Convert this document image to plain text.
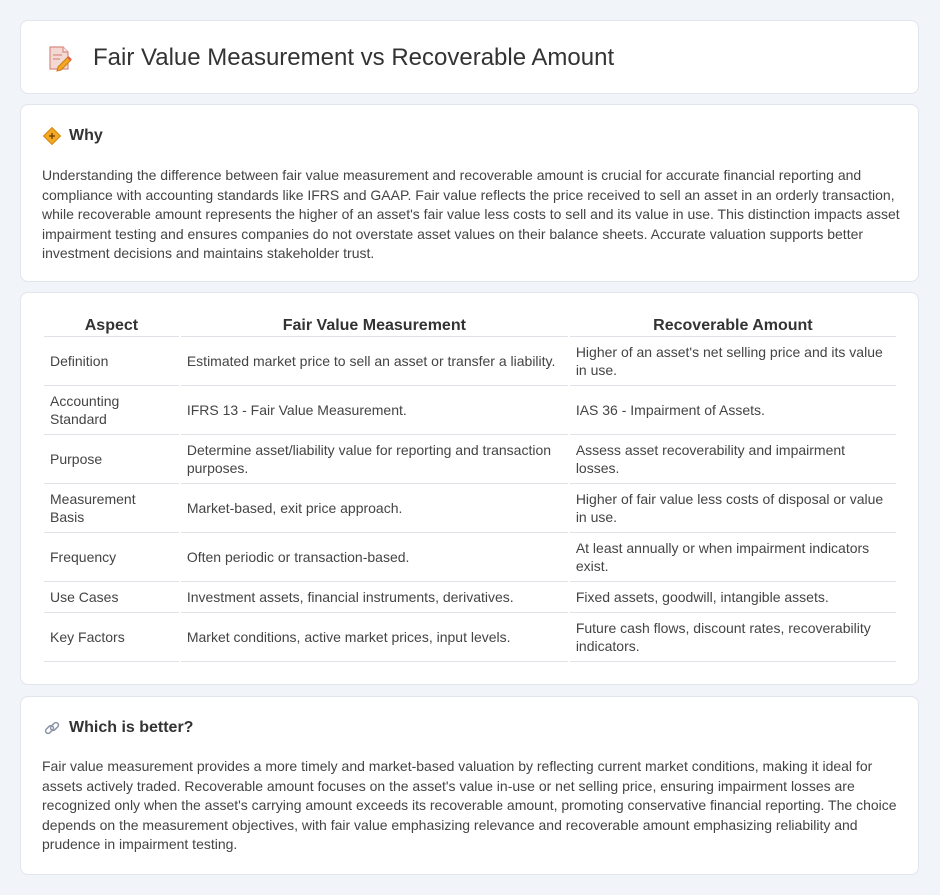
Fair Value Measurement vs Recoverable Amount
Why

Understanding the difference between fair value measurement and recoverable amount is crucial for accurate financial reporting and compliance with accounting standards like IFRS and GAAP. Fair value reflects the price received to sell an asset in an orderly transaction, while recoverable amount represents the higher of an asset's fair value less costs to sell and its value in use. This distinction impacts asset impairment testing and ensures companies do not overstate asset values on their balance sheets. Accurate valuation supports better investment decisions and maintains stakeholder trust.

Aspect	Fair Value Measurement	Recoverable Amount
Definition	Estimated market price to sell an asset or transfer a liability.	Higher of an asset's net selling price and its value in use.
Accounting Standard	IFRS 13 - Fair Value Measurement.	IAS 36 - Impairment of Assets.
Purpose	Determine asset/liability value for reporting and transaction purposes.	Assess asset recoverability and impairment losses.
Measurement Basis	Market-based, exit price approach.	Higher of fair value less costs of disposal or value in use.
Frequency	Often periodic or transaction-based.	At least annually or when impairment indicators exist.
Use Cases	Investment assets, financial instruments, derivatives.	Fixed assets, goodwill, intangible assets.
Key Factors	Market conditions, active market prices, input levels.	Future cash flows, discount rates, recoverability indicators.
Which is better?

Fair value measurement provides a more timely and market-based valuation by reflecting current market conditions, making it ideal for assets actively traded. Recoverable amount focuses on the asset's value in-use or net selling price, ensuring impairment losses are recognized only when the asset's carrying amount exceeds its recoverable amount, promoting conservative financial reporting. The choice depends on the measurement objectives, with fair value emphasizing relevance and recoverable amount emphasizing reliability and prudence in impairment testing.
